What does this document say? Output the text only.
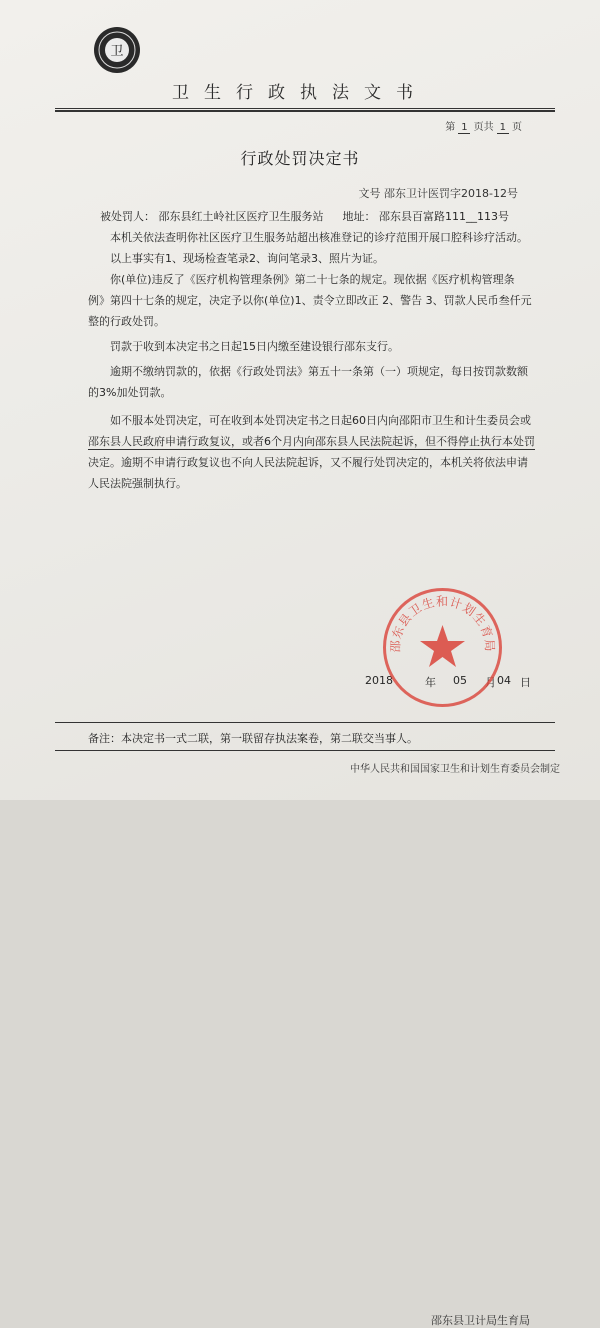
卫
卫生行政执法文书
第 1 页共 1 页
行政处罚决定书
文号 邵东卫计医罚字2018-12号
被处罚人： 邵东县红土岭社区医疗卫生服务站 地址： 邵东县百富路111__113号
本机关依法查明你社区医疗卫生服务站超出核准登记的诊疗范围开展口腔科诊疗活动。
以上事实有1、现场检查笔录2、询问笔录3、照片为证。
你(单位)违反了《医疗机构管理条例》第二十七条的规定。现依据《医疗机构管理条
例》第四十七条的规定，决定予以你(单位)1、责令立即改正 2、警告 3、罚款人民币叁仟元
整的行政处罚。
罚款于收到本决定书之日起15日内缴至建设银行邵东支行。
逾期不缴纳罚款的，依据《行政处罚法》第五十一条第（一）项规定，每日按罚款数额
的3%加处罚款。
如不服本处罚决定，可在收到本处罚决定书之日起60日内向邵阳市卫生和计生委员会或
邵东县人民政府申请行政复议，或者6个月内向邵东县人民法院起诉，但不得停止执行本处罚
决定。逾期不申请行政复议也不向人民法院起诉，又不履行处罚决定的，本机关将依法申请
人民法院强制执行。
邵东县卫计局生育局
2018	年 05 月 04 日
邵东县卫生和计划生育局
备注：本决定书一式二联，第一联留存执法案卷，第二联交当事人。
中华人民共和国国家卫生和计划生育委员会制定
